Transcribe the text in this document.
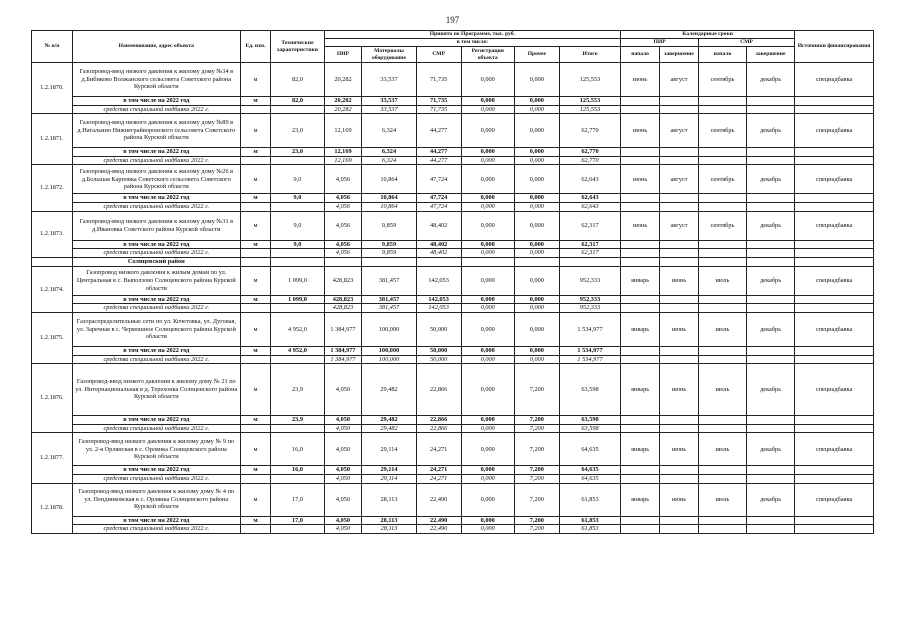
197
№ п/п	Наименование, адрес объекта	Ед. изм.	Технические характеристики	Принято по Программе, тыс. руб.						Календарные сроки				Источники финансирования
				в том числе:						ПИР		СМР		
				ПИР	Материалы оборудование	СМР	Регистрация объекта	Прочее	Итого	начало	завершение	начало	завершение	
1.2.1870.	Газопровод-ввод низкого давления к жилому дому №34 в д.Бибиково Волжанского сельсовета Советского района Курской области	м	82,0	20,282	33,537	71,735	0,000	0,000	125,553	июнь	август	сентябрь	декабрь	спецнадбавка
	в том числе на 2022 год	м	82,0	20,282	33,537	71,735	0,000	0,000	125,553					
	средства специальной надбавки 2022 г.			20,282	33,537	71,735	0,000	0,000	125,553					
1.2.1871.	Газопровод-ввод низкого давления к жилому дому №89 в д.Натальино Нижнеграйворонского сельсовета Советского района Курской области	м	23,0	12,169	6,324	44,277	0,000	0,000	62,770	июнь	август	сентябрь	декабрь	спецнадбавка
	в том числе на 2022 год	м	23,0	12,169	6,324	44,277	0,000	0,000	62,770					
	средства специальной надбавки 2022 г.			12,169	6,324	44,277	0,000	0,000	62,770					
1.2.1872.	Газопровод-ввод низкого давления к жилому дому №26 в д.Большая Карповка Советского сельсовета Советского района Курской области	м	9,0	4,056	10,864	47,724	0,000	0,000	62,643	июнь	август	сентябрь	декабрь	спецнадбавка
	в том числе на 2022 год	м	9,0	4,056	10,864	47,724	0,000	0,000	62,643					
	средства специальной надбавки 2022 г.			4,056	10,864	47,724	0,000	0,000	62,643					
1.2.1873.	Газопровод-ввод низкого давления к жилому дому №31 в д.Ивановка Советского района Курской области	м	9,0	4,056	9,859	48,402	0,000	0,000	62,317	июнь	август	сентябрь	декабрь	спецнадбавка
	в том числе на 2022 год	м	9,0	4,056	9,859	48,402	0,000	0,000	62,317					
	средства специальной надбавки 2022 г.			4,056	9,859	48,402	0,000	0,000	62,317					
	Солнцевский район													
1.2.1874.	Газопровод низкого давления к жилым домам по ул. Центральная в с. Выползово Солнцевского района Курской области	м	1 099,0	428,823	381,457	142,053	0,000	0,000	952,333	январь	июнь	июль	декабрь	спецнадбавка
	в том числе на 2022 год	м	1 099,0	428,823	381,457	142,053	0,000	0,000	952,333					
	средства специальной надбавки 2022 г.			428,823	381,457	142,053	0,000	0,000	952,333					
1.2.1875.	Газораспределительные сети по ул. Кочетовка, ул. Дуговая, ул. Заречная в с. Чермошное Солнцевского района Курской области	м	4 952,0	1 384,977	100,000	50,000	0,000	0,000	1 534,977	январь	июнь	июль	декабрь	спецнадбавка
	в том числе на 2022 год	м	4 952,0	1 384,977	100,000	50,000	0,000	0,000	1 534,977					
	средства специальной надбавки 2022 г.			1 384,977	100,000	50,000	0,000	0,000	1 534,977					
1.2.1876.	Газопровод-ввод низкого давления к жилому дому № 21 по ул. Интернациональная в д. Терехонка Солнцевского района Курской области	м	23,9	4,050	29,482	22,866	0,000	7,200	63,598	январь	июнь	июль	декабрь	спецнадбавка
	в том числе на 2022 год	м	23,9	4,050	29,482	22,866	0,000	7,200	63,598					
	средства специальной надбавки 2022 г.			4,050	29,482	22,866	0,000	7,200	63,598					
1.2.1877.	Газопровод-ввод низкого давления к жилому дому № 9 по ул. 2-я Орлянская в с. Орлянка Солнцевского района Курской области	м	16,0	4,050	29,114	24,271	0,000	7,200	64,635	январь	июнь	июль	декабрь	спецнадбавка
	в том числе на 2022 год	м	16,0	4,050	29,114	24,271	0,000	7,200	64,635					
	средства специальной надбавки 2022 г.			4,050	29,114	24,271	0,000	7,200	64,635					
1.2.1878.	Газопровод-ввод низкого давления к жилому дому № 4 по ул. Пендинковская в с. Орлянка Солнцевского района Курской области	м	17,0	4,050	28,113	22,490	0,000	7,200	61,853	январь	июнь	июль	декабрь	спецнадбавка
	в том числе на 2022 год	м	17,0	4,050	28,113	22,490	0,000	7,200	61,853					
	средства специальной надбавки 2022 г.			4,050	28,113	22,490	0,000	7,200	61,853					
